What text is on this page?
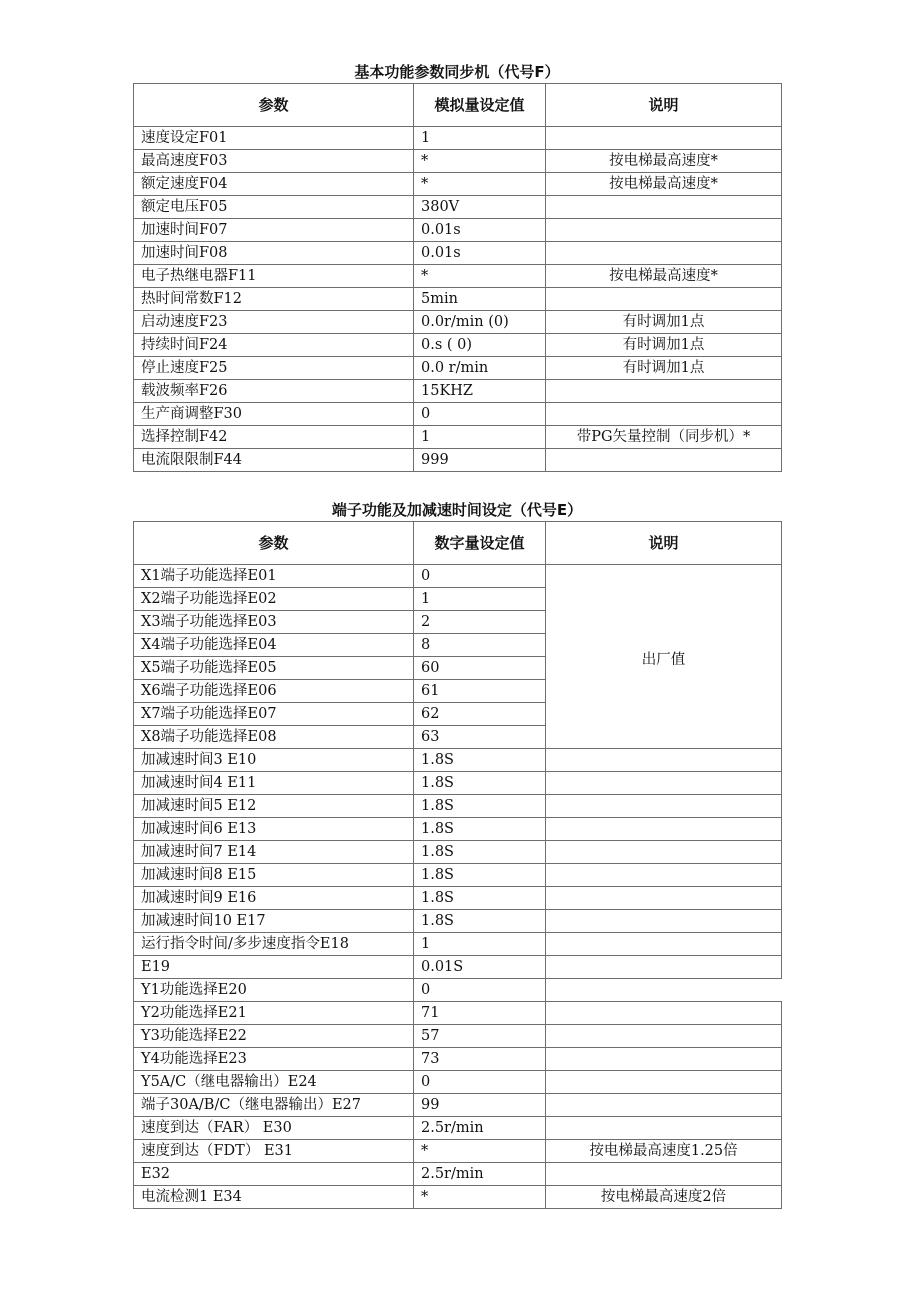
基本功能参数同步机（代号F）
参数	模拟量设定值	说明
速度设定F01	1	
最高速度F03	*	按电梯最高速度*
额定速度F04	*	按电梯最高速度*
额定电压F05	380V	
加速时间F07	0.01s	
加速时间F08	0.01s	
电子热继电器F11	*	按电梯最高速度*
热时间常数F12	5min	
启动速度F23	0.0r/min (0)	有时调加1点
持续时间F24	0.s ( 0)	有时调加1点
停止速度F25	0.0 r/min	有时调加1点
载波频率F26	15KHZ	
生产商调整F30	0	
选择控制F42	1	带PG矢量控制（同步机）*
电流限限制F44	999	
端子功能及加减速时间设定（代号E）
参数	数字量设定值	说明
X1端子功能选择E01	0	出厂值
X2端子功能选择E02	1	
X3端子功能选择E03	2	
X4端子功能选择E04	8	
X5端子功能选择E05	60	
X6端子功能选择E06	61	
X7端子功能选择E07	62	
X8端子功能选择E08	63	
加减速时间3 E10	1.8S	
加减速时间4 E11	1.8S	
加减速时间5 E12	1.8S	
加减速时间6 E13	1.8S	
加减速时间7 E14	1.8S	
加减速时间8 E15	1.8S	
加减速时间9 E16	1.8S	
加减速时间10 E17	1.8S	
运行指令时间/多步速度指令E18	1	
E19	0.01S	
Y1功能选择E20	0	
Y2功能选择E21	71	
Y3功能选择E22	57	
Y4功能选择E23	73	
Y5A/C（继电器输出）E24	0	
端子30A/B/C（继电器输出）E27	99	
速度到达（FAR） E30	2.5r/min	
速度到达（FDT） E31	*	按电梯最高速度1.25倍
E32	2.5r/min	
电流检测1 E34	*	按电梯最高速度2倍
